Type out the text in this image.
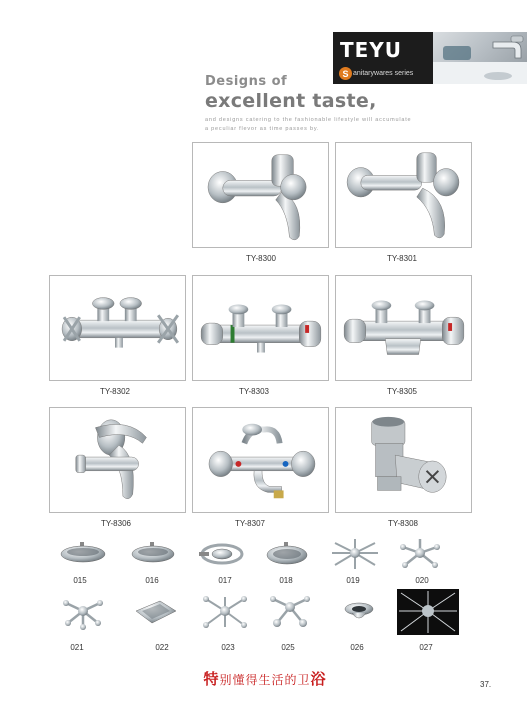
TEYU
S anitarywares series
Designs of
excellent taste,
and designs catering to the fashionable lifestyle will accumulate
a peculiar flevor as time passes by.
TY-8300	TY-8301
TY-8302	TY-8303	TY-8305
TY-8306	TY-8307	TY-8308
015	016	017	018	019	020
021	022	023	025	026	027
特别懂得生活的卫浴	37.
